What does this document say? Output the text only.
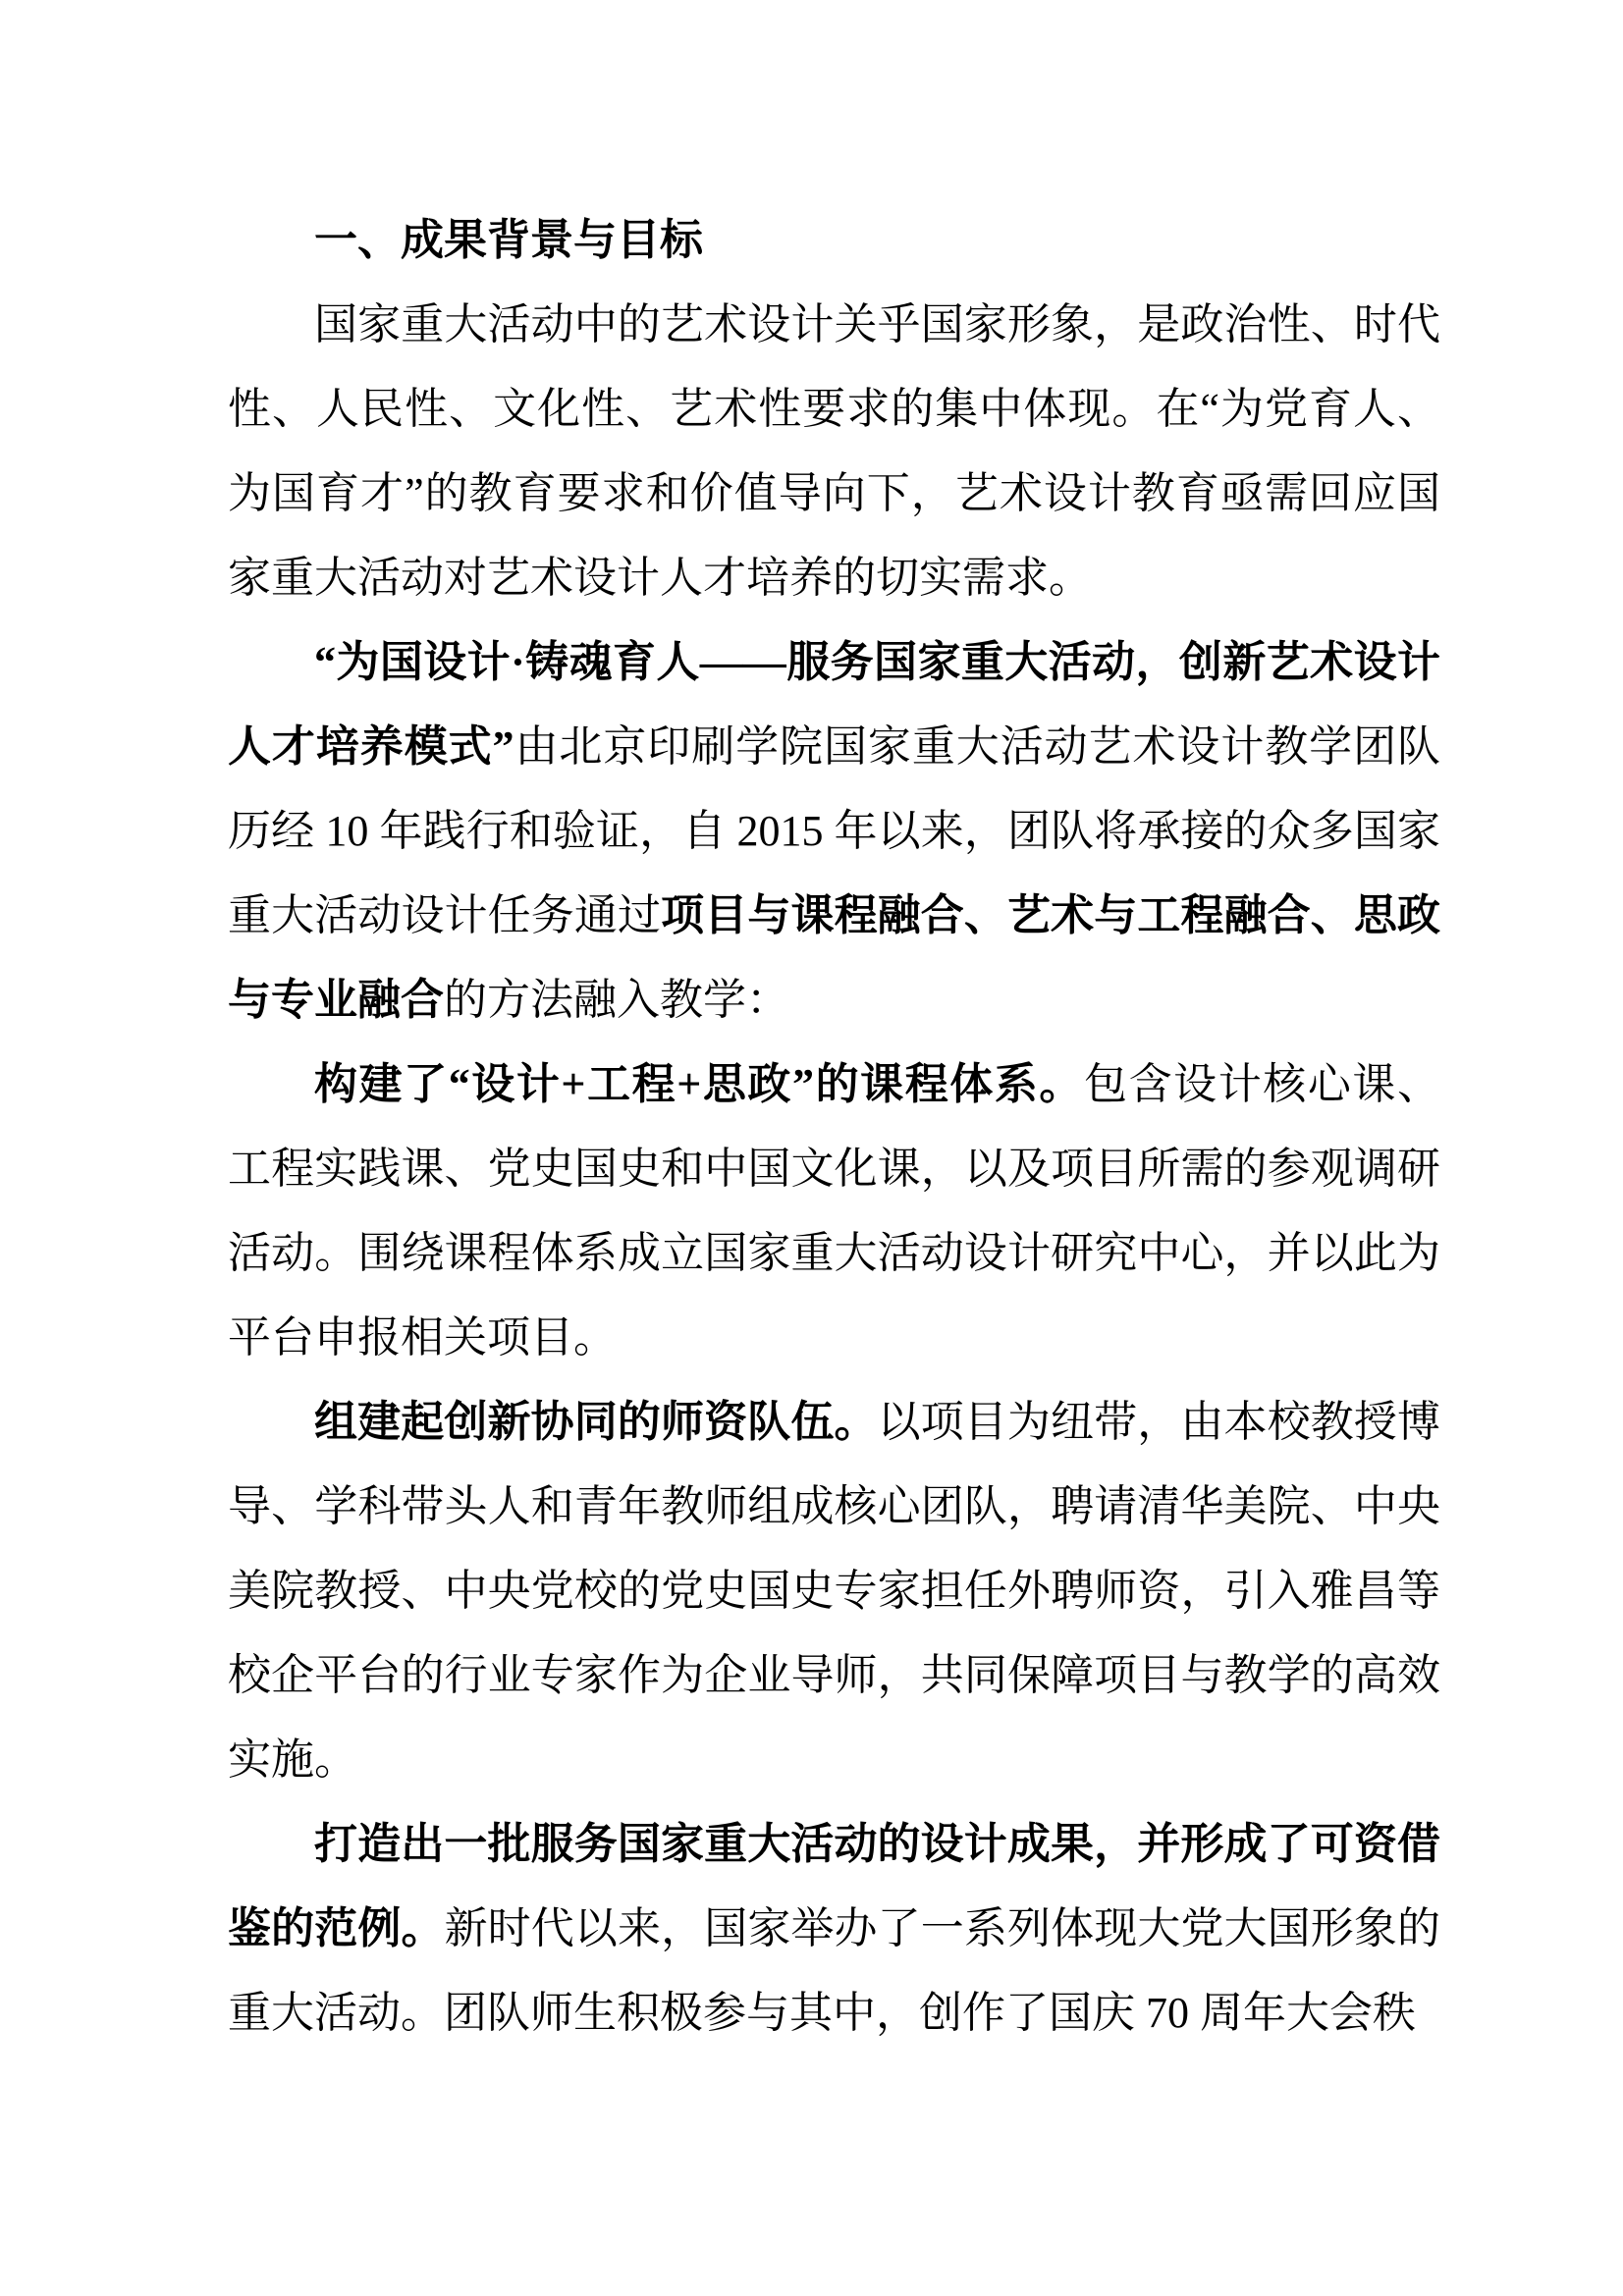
一、成果背景与目标

国家重大活动中的艺术设计关乎国家形象，是政治性、时代性、人民性、文化性、艺术性要求的集中体现。在“为党育人、为国育才”的教育要求和价值导向下，艺术设计教育亟需回应国家重大活动对艺术设计人才培养的切实需求。

“为国设计·铸魂育人——服务国家重大活动，创新艺术设计人才培养模式”由北京印刷学院国家重大活动艺术设计教学团队历经 10 年践行和验证，自 2015 年以来，团队将承接的众多国家重大活动设计任务通过项目与课程融合、艺术与工程融合、思政与专业融合的方法融入教学：

构建了“设计+工程+思政”的课程体系。包含设计核心课、工程实践课、党史国史和中国文化课，以及项目所需的参观调研活动。围绕课程体系成立国家重大活动设计研究中心，并以此为平台申报相关项目。

组建起创新协同的师资队伍。以项目为纽带，由本校教授博导、学科带头人和青年教师组成核心团队，聘请清华美院、中央美院教授、中央党校的党史国史专家担任外聘师资，引入雅昌等校企平台的行业专家作为企业导师，共同保障项目与教学的高效实施。

打造出一批服务国家重大活动的设计成果，并形成了可资借鉴的范例。新时代以来，国家举办了一系列体现大党大国形象的重大活动。团队师生积极参与其中，创作了国庆 70 周年大会秩
